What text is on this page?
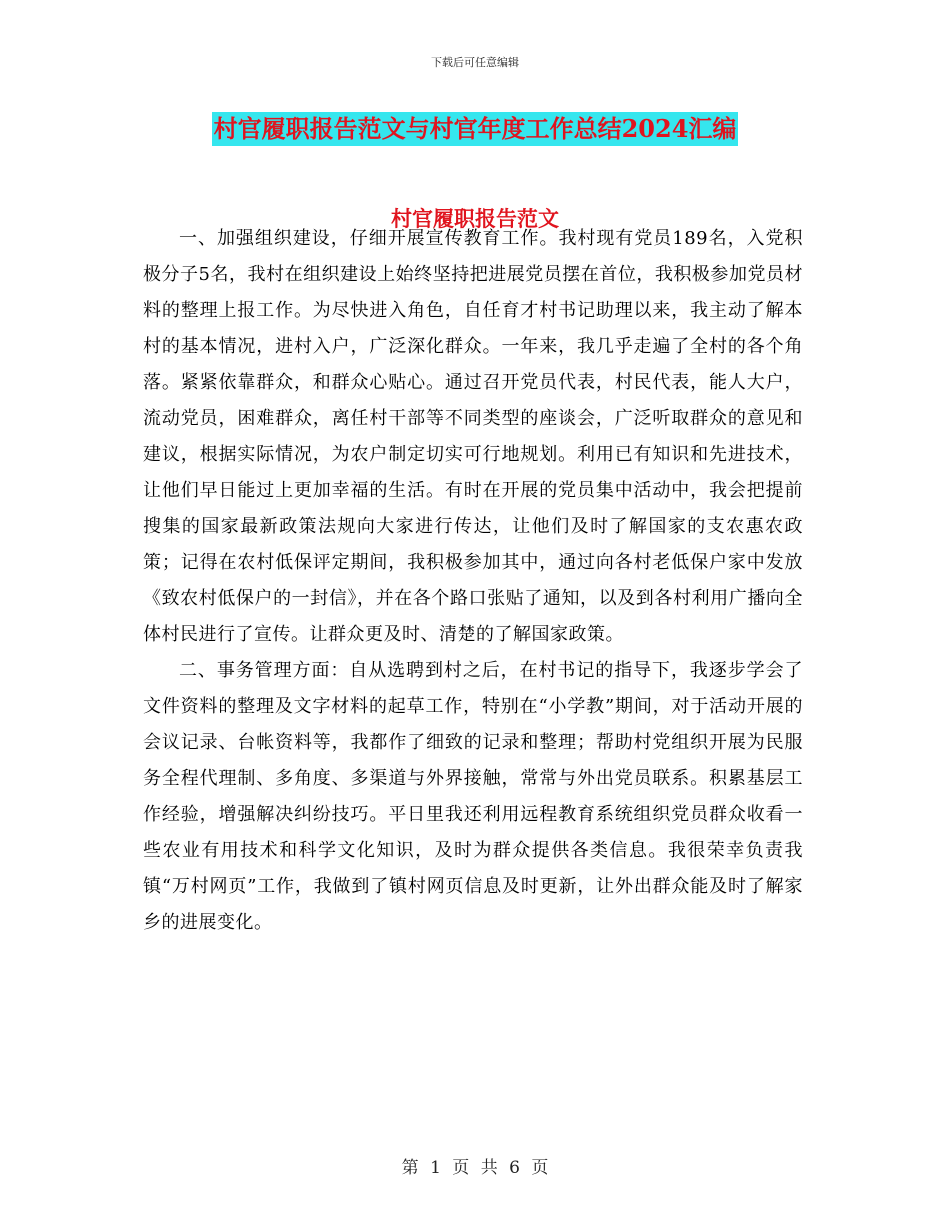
下载后可任意编辑
村官履职报告范文与村官年度工作总结2024汇编
村官履职报告范文

一、加强组织建设，仔细开展宣传教育工作。我村现有党员189名，入党积极分子5名，我村在组织建设上始终坚持把进展党员摆在首位，我积极参加党员材料的整理上报工作。为尽快进入角色，自任育才村书记助理以来，我主动了解本村的基本情况，进村入户，广泛深化群众。一年来，我几乎走遍了全村的各个角落。紧紧依靠群众，和群众心贴心。通过召开党员代表，村民代表，能人大户，流动党员，困难群众，离任村干部等不同类型的座谈会，广泛听取群众的意见和建议，根据实际情况，为农户制定切实可行地规划。利用已有知识和先进技术，让他们早日能过上更加幸福的生活。有时在开展的党员集中活动中，我会把提前搜集的国家最新政策法规向大家进行传达，让他们及时了解国家的支农惠农政策；记得在农村低保评定期间，我积极参加其中，通过向各村老低保户家中发放《致农村低保户的一封信》，并在各个路口张贴了通知，以及到各村利用广播向全体村民进行了宣传。让群众更及时、清楚的了解国家政策。

二、事务管理方面：自从选聘到村之后，在村书记的指导下，我逐步学会了文件资料的整理及文字材料的起草工作，特别在“小学教”期间，对于活动开展的会议记录、台帐资料等，我都作了细致的记录和整理；帮助村党组织开展为民服务全程代理制、多角度、多渠道与外界接触，常常与外出党员联系。积累基层工作经验，增强解决纠纷技巧。平日里我还利用远程教育系统组织党员群众收看一些农业有用技术和科学文化知识，及时为群众提供各类信息。我很荣幸负责我镇“万村网页”工作，我做到了镇村网页信息及时更新，让外出群众能及时了解家乡的进展变化。

第 1 页 共 6 页
